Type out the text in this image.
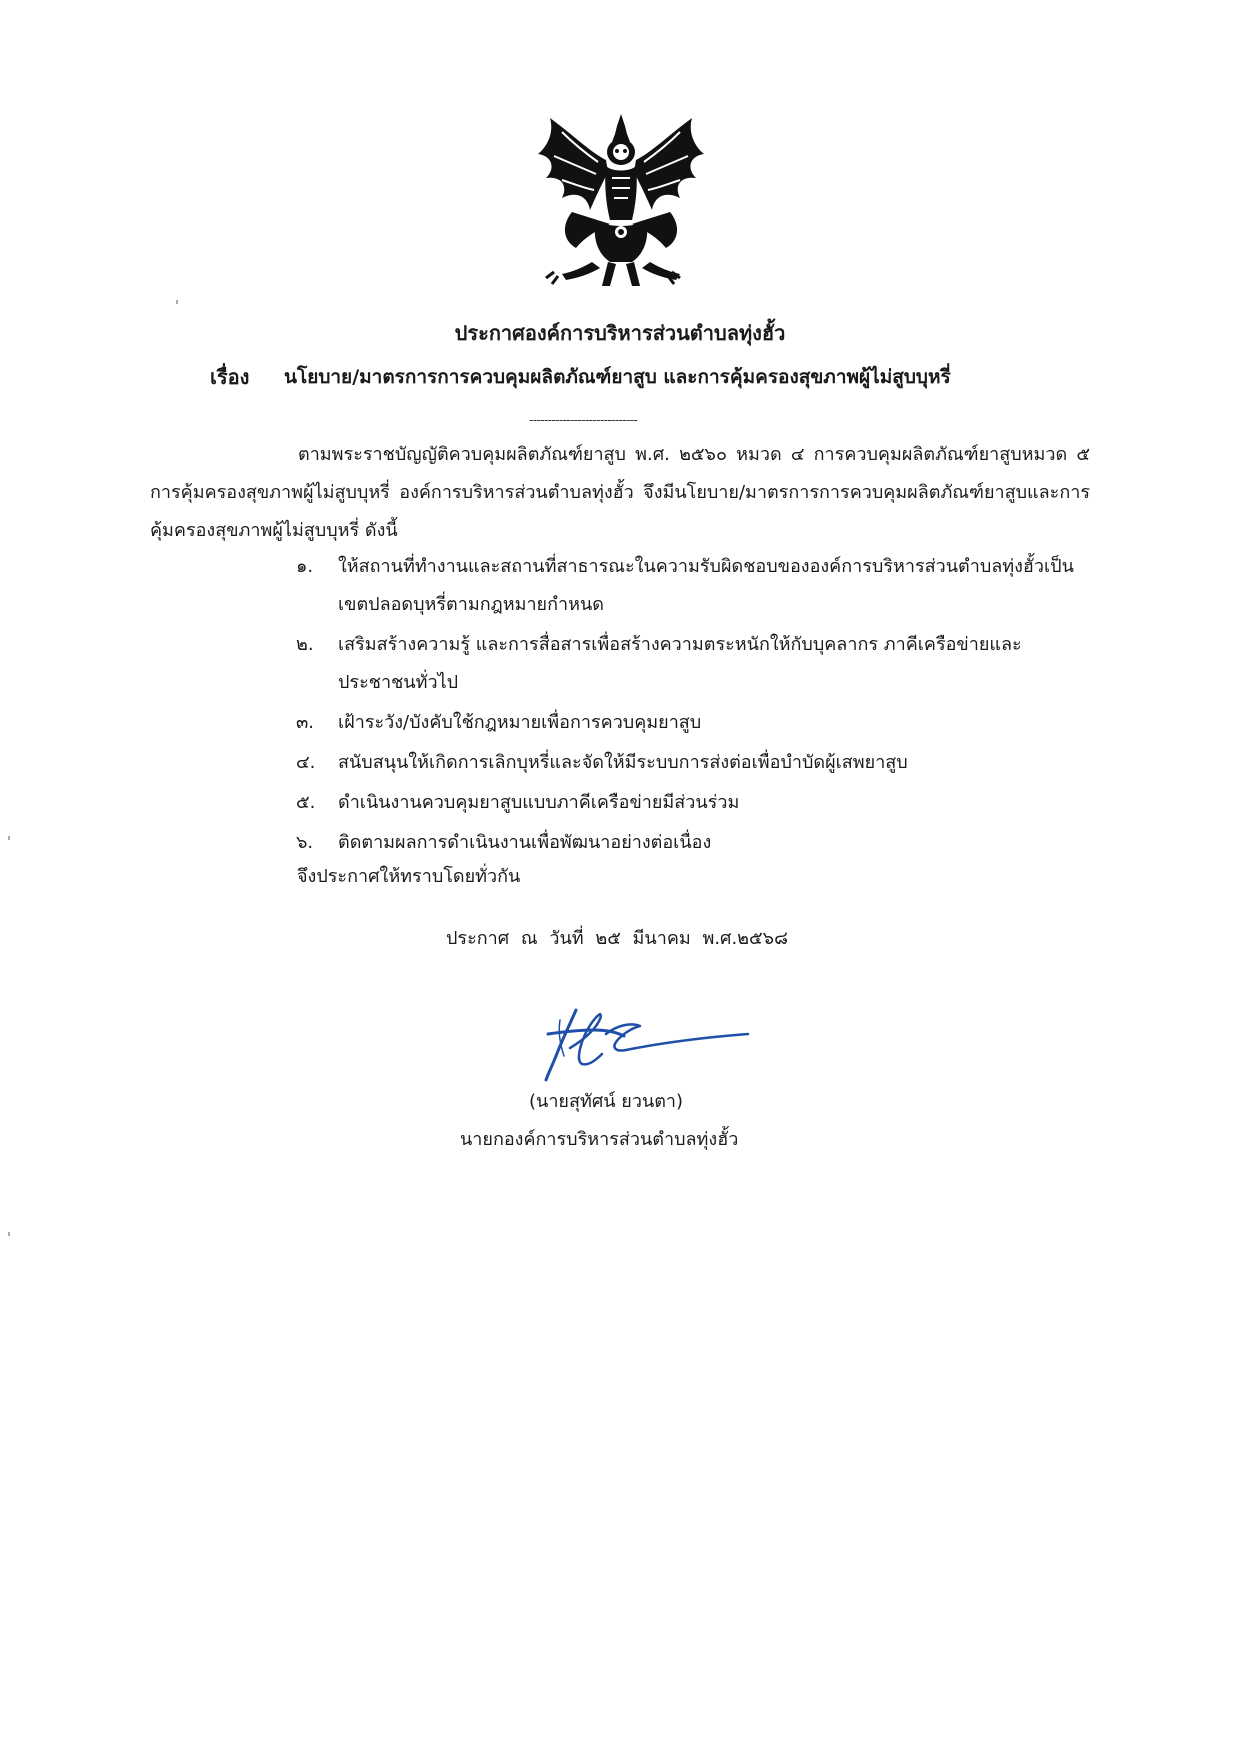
ประกาศองค์การบริหารส่วนตำบลทุ่งฮั้ว
เรื่อง นโยบาย/มาตรการการควบคุมผลิตภัณฑ์ยาสูบ และการคุ้มครองสุขภาพผู้ไม่สูบบุหรี่
-----------------------------
ตามพระราชบัญญัติควบคุมผลิตภัณฑ์ยาสูบ พ.ศ. ๒๕๖๐ หมวด ๔ การควบคุมผลิตภัณฑ์ยาสูบหมวด ๕ การคุ้มครองสุขภาพผู้ไม่สูบบุหรี่ องค์การบริหารส่วนตำบลทุ่งฮั้ว จึงมีนโยบาย/มาตรการการควบคุมผลิตภัณฑ์ยาสูบและการคุ้มครองสุขภาพผู้ไม่สูบบุหรี่ ดังนี้
๑. ให้สถานที่ทำงานและสถานที่สาธารณะในความรับผิดชอบขององค์การบริหารส่วนตำบลทุ่งฮั้วเป็นเขตปลอดบุหรี่ตามกฎหมายกำหนด
๒. เสริมสร้างความรู้ และการสื่อสารเพื่อสร้างความตระหนักให้กับบุคลากร ภาคีเครือข่ายและประชาชนทั่วไป
๓. เฝ้าระวัง/บังคับใช้กฎหมายเพื่อการควบคุมยาสูบ
๔. สนับสนุนให้เกิดการเลิกบุหรี่และจัดให้มีระบบการส่งต่อเพื่อบำบัดผู้เสพยาสูบ
๕. ดำเนินงานควบคุมยาสูบแบบภาคีเครือข่ายมีส่วนร่วม
๖. ติดตามผลการดำเนินงานเพื่อพัฒนาอย่างต่อเนื่อง
จึงประกาศให้ทราบโดยทั่วกัน
ประกาศ ณ วันที่ ๒๕ มีนาคม พ.ศ.๒๕๖๘
(นายสุทัศน์ ยวนตา)
นายกองค์การบริหารส่วนตำบลทุ่งฮั้ว
